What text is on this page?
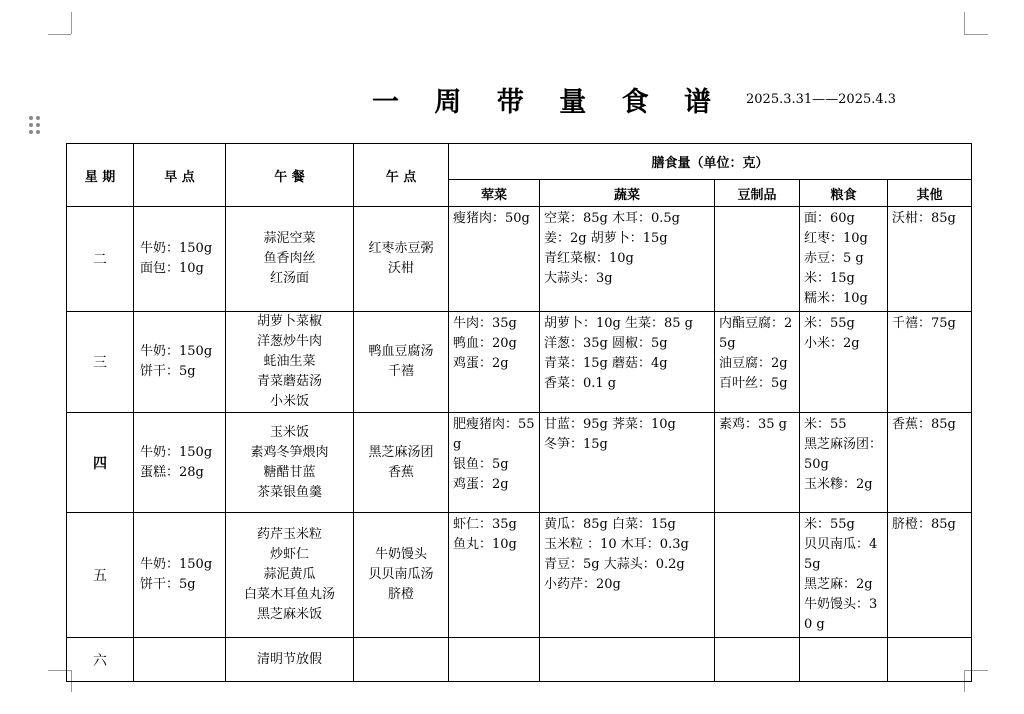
一 周 带 量 食 谱 2025.3.31——2025.4.3
星 期	早 点	午 餐	午 点	膳食量（单位：克）				
				荤菜	蔬菜	豆制品	粮食	其他
二	牛奶：150g
面包：10g	蒜泥空菜
鱼香肉丝
红汤面	红枣赤豆粥
沃柑	瘦猪肉：50g	空菜：85g 木耳：0.5g
姜：2g 胡萝卜：15g
青红菜椒：10g
大蒜头：3g		面：60g
红枣：10g
赤豆：5 g
米：15g
糯米：10g	沃柑：85g

三	牛奶：150g
饼干：5g	胡萝卜菜椒
洋葱炒牛肉
蚝油生菜
青菜蘑菇汤
小米饭	鸭血豆腐汤
千禧	牛肉：35g
鸭血：20g
鸡蛋：2g	胡萝卜：10g 生菜：85 g
洋葱：35g 圆椒：5g
青菜：15g 蘑菇：4g
香菜：0.1 g	内酯豆腐：25g
油豆腐：2g
百叶丝：5g	米：55g
小米：2g	千禧：75g

四	牛奶：150g
蛋糕：28g	玉米饭
素鸡冬笋煨肉
糖醋甘蓝
茶菜银鱼羹	黑芝麻汤团
香蕉	肥瘦猪肉：55g
银鱼：5g
鸡蛋：2g	甘蓝：95g 荠菜：10g
冬笋：15g	素鸡：35 g	米：55
黑芝麻汤团：50g
玉米糁：2g	香蕉：85g

五	牛奶：150g
饼干：5g	药芹玉米粒
炒虾仁
蒜泥黄瓜
白菜木耳鱼丸汤
黑芝麻米饭	牛奶馒头
贝贝南瓜汤
脐橙	虾仁：35g
鱼丸：10g	黄瓜：85g 白菜：15g
玉米粒 ：10 木耳：0.3g
青豆：5g 大蒜头：0.2g
小药芹：20g		米：55g
贝贝南瓜：45g
黑芝麻：2g
牛奶馒头：30 g	脐橙：85g

六		清明节放假						
